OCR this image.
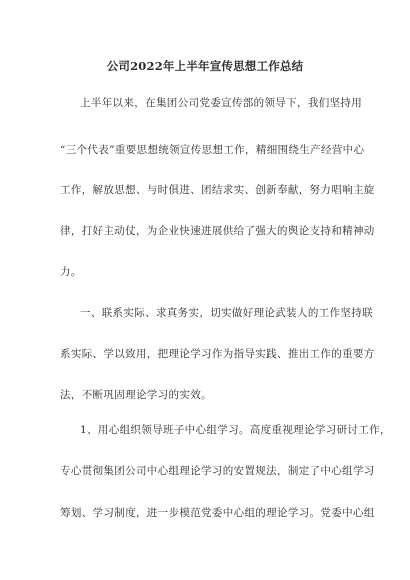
公司2022年上半年宣传思想工作总结
上半年以来，在集团公司党委宣传部的领导下，我们坚持用
“三个代表”重要思想统领宣传思想工作，精细围绕生产经营中心
工作，解放思想、与时俱进、团结求实、创新奉献，努力唱响主旋
律，打好主动仗，为企业快速进展供给了强大的舆论支持和精神动
力。
一、联系实际、求真务实，切实做好理论武装人的工作坚持联
系实际、学以致用，把理论学习作为指导实践、推出工作的重要方
法，不断巩固理论学习的实效。
1、用心组织领导班子中心组学习。高度重视理论学习研讨工作，
专心贯彻集团公司中心组理论学习的安置规法，制定了中心组学习
筹划、学习制度，进一步模范党委中心组的理论学习。党委中心组
